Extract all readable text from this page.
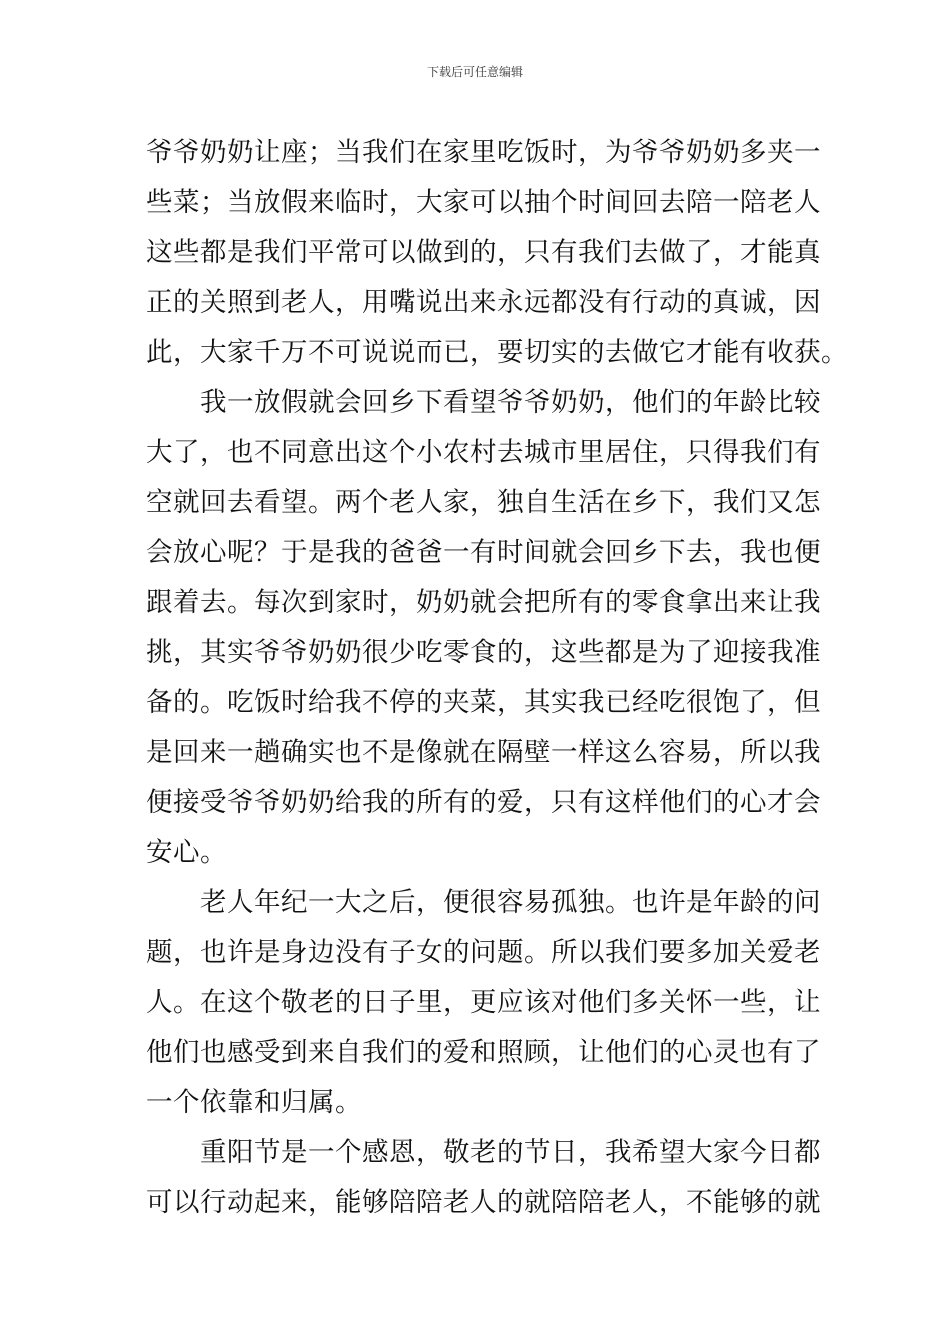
下载后可任意编辑
爷爷奶奶让座；当我们在家里吃饭时，为爷爷奶奶多夹一
些菜；当放假来临时，大家可以抽个时间回去陪一陪老人
这些都是我们平常可以做到的，只有我们去做了，才能真
正的关照到老人，用嘴说出来永远都没有行动的真诚，因
此，大家千万不可说说而已，要切实的去做它才能有收获。
我一放假就会回乡下看望爷爷奶奶，他们的年龄比较
大了，也不同意出这个小农村去城市里居住，只得我们有
空就回去看望。两个老人家，独自生活在乡下，我们又怎
会放心呢？于是我的爸爸一有时间就会回乡下去，我也便
跟着去。每次到家时，奶奶就会把所有的零食拿出来让我
挑，其实爷爷奶奶很少吃零食的，这些都是为了迎接我准
备的。吃饭时给我不停的夹菜，其实我已经吃很饱了，但
是回来一趟确实也不是像就在隔壁一样这么容易，所以我
便接受爷爷奶奶给我的所有的爱，只有这样他们的心才会
安心。
老人年纪一大之后，便很容易孤独。也许是年龄的问
题，也许是身边没有子女的问题。所以我们要多加关爱老
人。在这个敬老的日子里，更应该对他们多关怀一些，让
他们也感受到来自我们的爱和照顾，让他们的心灵也有了
一个依靠和归属。
重阳节是一个感恩，敬老的节日，我希望大家今日都
可以行动起来，能够陪陪老人的就陪陪老人，不能够的就
